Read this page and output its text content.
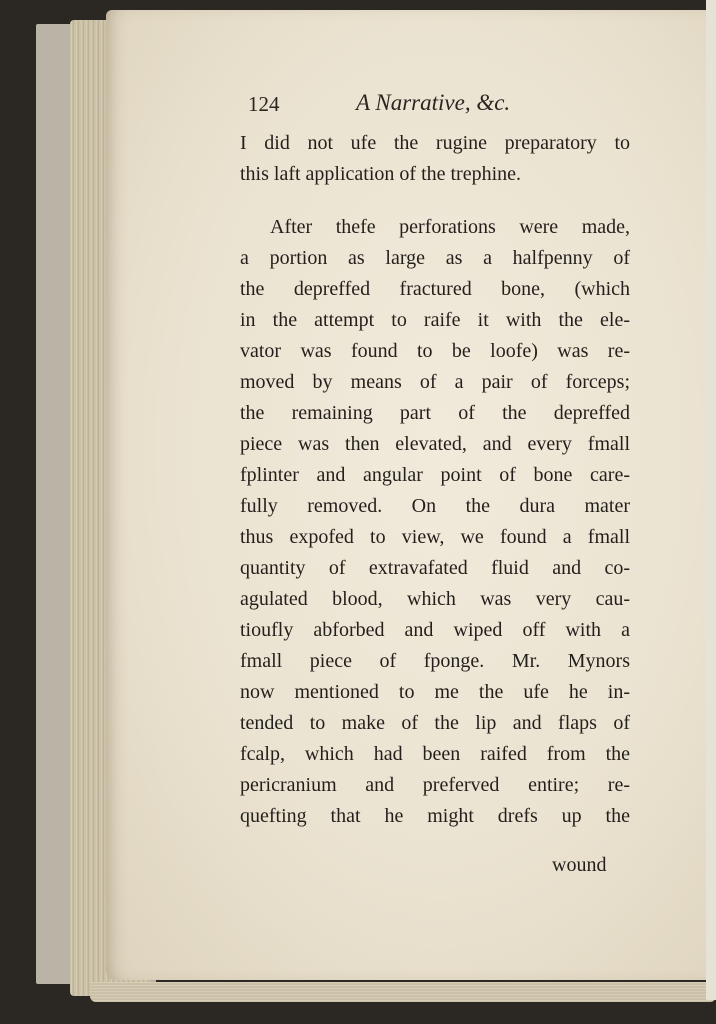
124	A Narrative, &c.
I did not ufe the rugine preparatory to
this laft application of the trephine.
After thefe perforations were made,
a portion as large as a halfpenny of
the depreffed fractured bone, (which
in the attempt to raife it with the ele-
vator was found to be loofe) was re-
moved by means of a pair of forceps;
the remaining part of the depreffed
piece was then elevated, and every fmall
fplinter and angular point of bone care-
fully removed. On the dura mater
thus expofed to view, we found a fmall
quantity of extravafated fluid and co-
agulated blood, which was very cau-
tioufly abforbed and wiped off with a
fmall piece of fponge. Mr. Mynors
now mentioned to me the ufe he in-
tended to make of the lip and flaps of
fcalp, which had been raifed from the
pericranium and preferved entire; re-
quefting that he might drefs up the
wound
